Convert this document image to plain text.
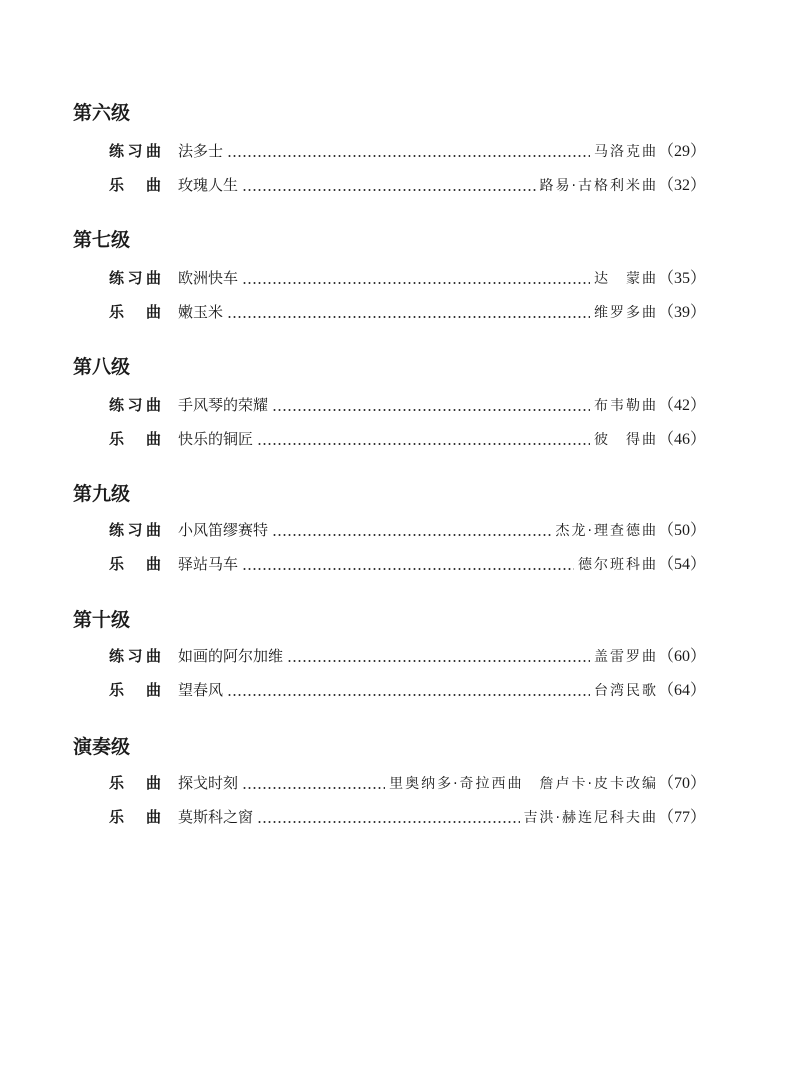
第六级
练 习 曲 法多士	马洛克曲 （29）
乐 曲 玫瑰人生	路易·古格利米曲 （32）
第七级
练 习 曲 欧洲快车	达　蒙曲 （35）
乐 曲 嫩玉米	维罗多曲 （39）
第八级
练 习 曲 手风琴的荣耀	布韦勒曲 （42）
乐 曲 快乐的铜匠	彼　得曲 （46）
第九级
练 习 曲 小风笛缪赛特	杰龙·理查德曲 （50）
乐 曲 驿站马车	德尔班科曲 （54）
第十级
练 习 曲 如画的阿尔加维	盖雷罗曲 （60）
乐 曲 望春风	台湾民歌 （64）
演奏级
乐 曲 探戈时刻	里奥纳多·奇拉西曲　詹卢卡·皮卡改编 （70）
乐 曲 莫斯科之窗	吉洪·赫连尼科夫曲 （77）
